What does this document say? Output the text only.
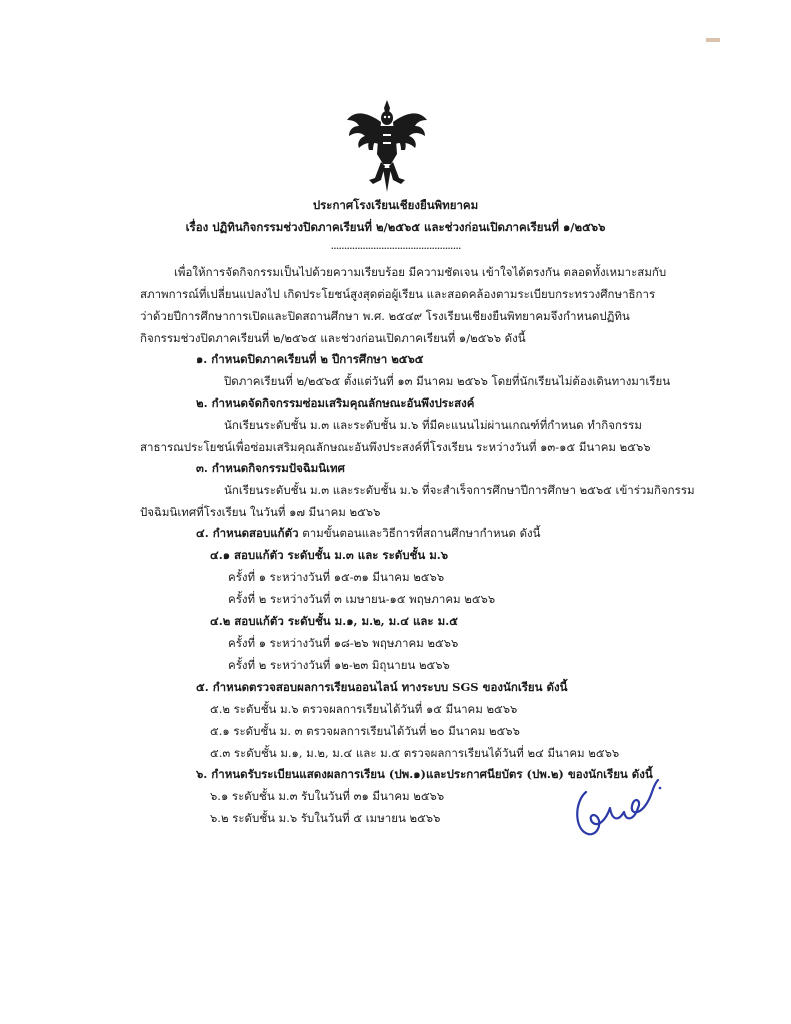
ประกาศโรงเรียนเชียงยืนพิทยาคม
เรื่อง ปฏิทินกิจกรรมช่วงปิดภาคเรียนที่ ๒/๒๕๖๕ และช่วงก่อนเปิดภาคเรียนที่ ๑/๒๕๖๖
.................................................
เพื่อให้การจัดกิจกรรมเป็นไปด้วยความเรียบร้อย มีความชัดเจน เข้าใจได้ตรงกัน ตลอดทั้งเหมาะสมกับ
สภาพการณ์ที่เปลี่ยนแปลงไป เกิดประโยชน์สูงสุดต่อผู้เรียน และสอดคล้องตามระเบียบกระทรวงศึกษาธิการ
ว่าด้วยปีการศึกษาการเปิดและปิดสถานศึกษา พ.ศ. ๒๕๔๙ โรงเรียนเชียงยืนพิทยาคมจึงกำหนดปฏิทิน
กิจกรรมช่วงปิดภาคเรียนที่ ๒/๒๕๖๕ และช่วงก่อนเปิดภาคเรียนที่ ๑/๒๕๖๖ ดังนี้
๑. กำหนดปิดภาคเรียนที่ ๒ ปีการศึกษา ๒๕๖๕
ปิดภาคเรียนที่ ๒/๒๕๖๕ ตั้งแต่วันที่ ๑๓ มีนาคม ๒๕๖๖ โดยที่นักเรียนไม่ต้องเดินทางมาเรียน
๒. กำหนดจัดกิจกรรมซ่อมเสริมคุณลักษณะอันพึงประสงค์
นักเรียนระดับชั้น ม.๓ และระดับชั้น ม.๖ ที่มีคะแนนไม่ผ่านเกณฑ์ที่กำหนด ทำกิจกรรม
สาธารณประโยชน์เพื่อซ่อมเสริมคุณลักษณะอันพึงประสงค์ที่โรงเรียน ระหว่างวันที่ ๑๓-๑๕ มีนาคม ๒๕๖๖
๓. กำหนดกิจกรรมปัจฉิมนิเทศ
นักเรียนระดับชั้น ม.๓ และระดับชั้น ม.๖ ที่จะสำเร็จการศึกษาปีการศึกษา ๒๕๖๕ เข้าร่วมกิจกรรม
ปัจฉิมนิเทศที่โรงเรียน ในวันที่ ๑๗ มีนาคม ๒๕๖๖
๔. กำหนดสอบแก้ตัว ตามขั้นตอนและวิธีการที่สถานศึกษากำหนด ดังนี้
๔.๑ สอบแก้ตัว ระดับชั้น ม.๓ และ ระดับชั้น ม.๖
ครั้งที่ ๑ ระหว่างวันที่ ๑๕-๓๑ มีนาคม ๒๕๖๖
ครั้งที่ ๒ ระหว่างวันที่ ๓ เมษายน-๑๕ พฤษภาคม ๒๕๖๖
๔.๒ สอบแก้ตัว ระดับชั้น ม.๑, ม.๒, ม.๔ และ ม.๕
ครั้งที่ ๑ ระหว่างวันที่ ๑๘-๒๖ พฤษภาคม ๒๕๖๖
ครั้งที่ ๒ ระหว่างวันที่ ๑๒-๒๓ มิถุนายน ๒๕๖๖
๕. กำหนดตรวจสอบผลการเรียนออนไลน์ ทางระบบ SGS ของนักเรียน ดังนี้
๕.๒ ระดับชั้น ม.๖ ตรวจผลการเรียนได้วันที่ ๑๕ มีนาคม ๒๕๖๖
๕.๑ ระดับชั้น ม. ๓ ตรวจผลการเรียนได้วันที่ ๒๐ มีนาคม ๒๕๖๖
๕.๓ ระดับชั้น ม.๑, ม.๒, ม.๔ และ ม.๕ ตรวจผลการเรียนได้วันที่ ๒๔ มีนาคม ๒๕๖๖
๖. กำหนดรับระเบียนแสดงผลการเรียน (ปพ.๑)และประกาศนียบัตร (ปพ.๒) ของนักเรียน ดังนี้
๖.๑ ระดับชั้น ม.๓ รับในวันที่ ๓๑ มีนาคม ๒๕๖๖
๖.๒ ระดับชั้น ม.๖ รับในวันที่ ๕ เมษายน ๒๕๖๖
